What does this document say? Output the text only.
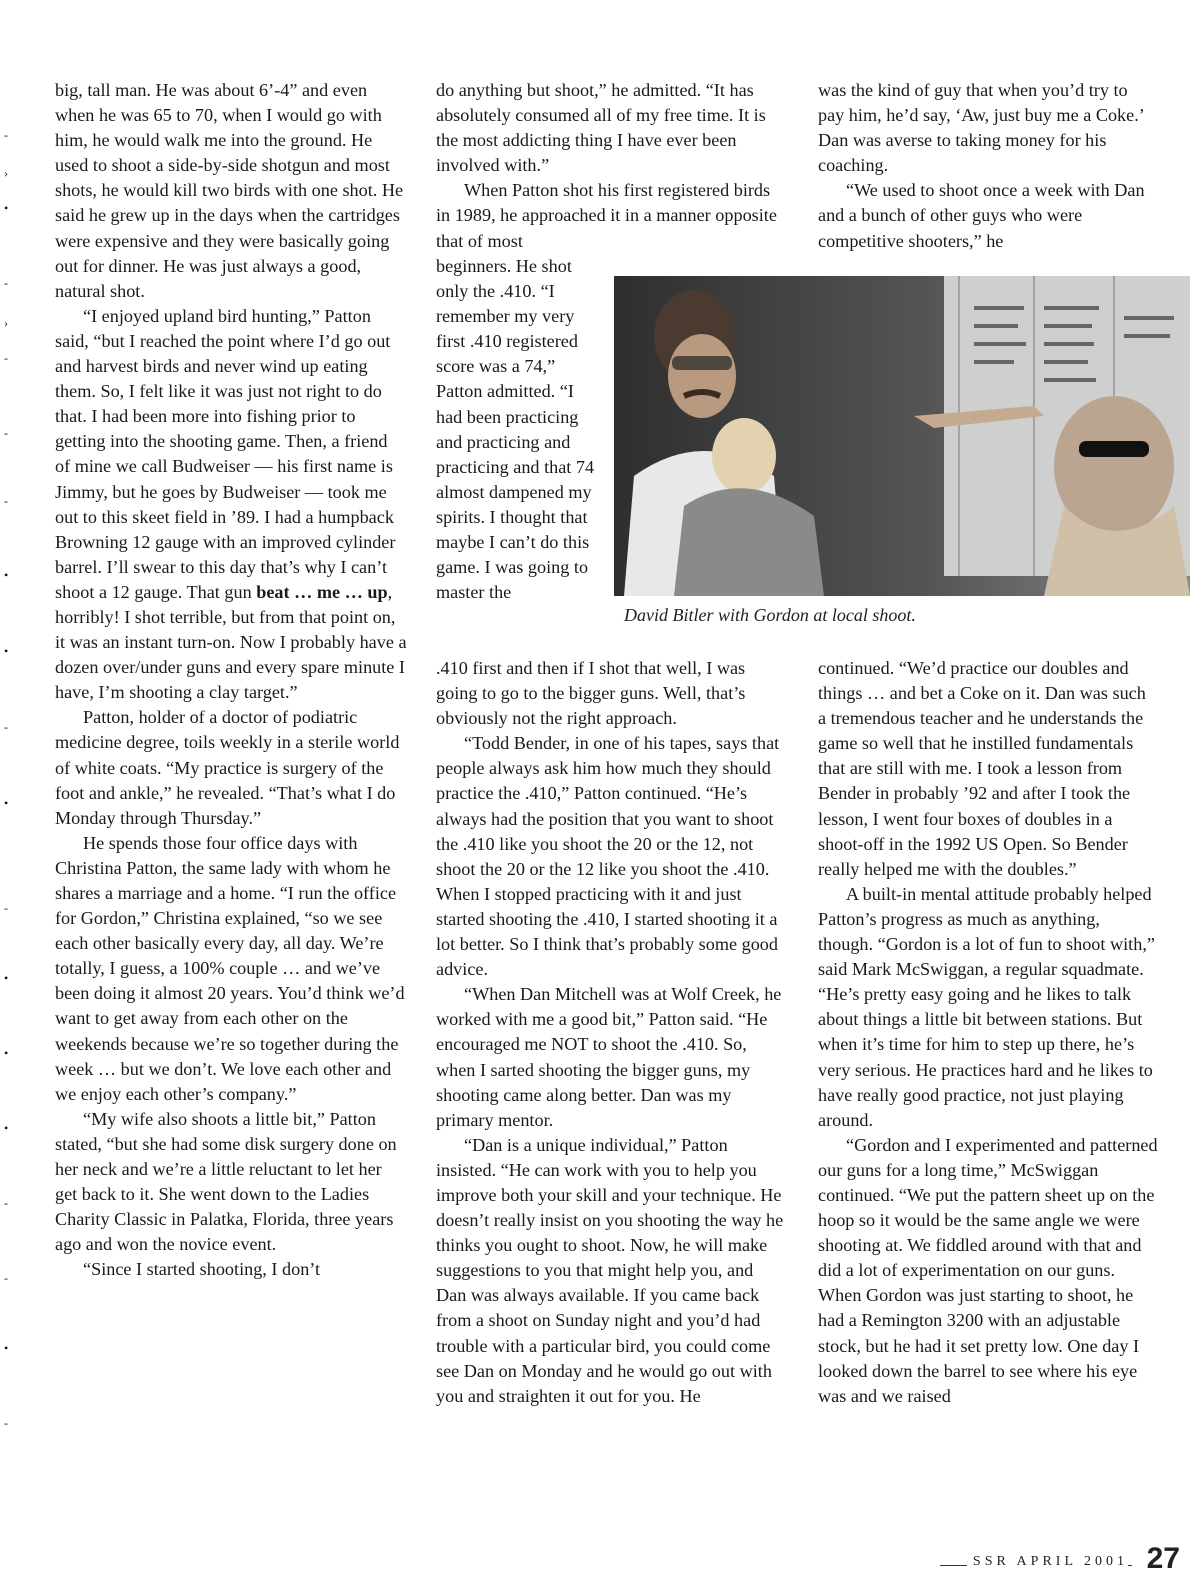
-
›
•
-
›
-
-
-
•
•
-
•
-
•
•
•
-
-
•
-

big, tall man. He was about 6’-4” and even when he was 65 to 70, when I would go with him, he would walk me into the ground. He used to shoot a side-by-side shotgun and most shots, he would kill two birds with one shot. He said he grew up in the days when the cartridges were expensive and they were basically going out for dinner. He was just always a good, natural shot.

“I enjoyed upland bird hunting,” Patton said, “but I reached the point where I’d go out and harvest birds and never wind up eating them. So, I felt like it was just not right to do that. I had been more into fishing prior to getting into the shooting game. Then, a friend of mine we call Budweiser — his first name is Jimmy, but he goes by Budweiser — took me out to this skeet field in ’89. I had a humpback Browning 12 gauge with an improved cylinder barrel. I’ll swear to this day that’s why I can’t shoot a 12 gauge. That gun beat … me … up, horribly! I shot terrible, but from that point on, it was an instant turn-on. Now I probably have a dozen over/under guns and every spare minute I have, I’m shooting a clay target.”

Patton, holder of a doctor of podiatric medicine degree, toils weekly in a sterile world of white coats. “My practice is surgery of the foot and ankle,” he revealed. “That’s what I do Monday through Thursday.”

He spends those four office days with Christina Patton, the same lady with whom he shares a marriage and a home. “I run the office for Gordon,” Christina explained, “so we see each other basically every day, all day. We’re totally, I guess, a 100% couple … and we’ve been doing it almost 20 years. You’d think we’d want to get away from each other on the weekends because we’re so together during the week … but we don’t. We love each other and we enjoy each other’s company.”

“My wife also shoots a little bit,” Patton stated, “but she had some disk surgery done on her neck and we’re a little reluctant to let her get back to it. She went down to the Ladies Charity Classic in Palatka, Florida, three years ago and won the novice event.

“Since I started shooting, I don’t

do anything but shoot,” he admitted. “It has absolutely consumed all of my free time. It is the most addicting thing I have ever been involved with.”

When Patton shot his first registered birds in 1989, he approached it in a manner opposite that of most

beginners. He shot only the .410. “I remember my very first .410 registered score was a 74,” Patton admitted. “I had been practicing and practicing and practicing and that 74 almost dampened my spirits. I thought that maybe I can’t do this game. I was going to master the

was the kind of guy that when you’d try to pay him, he’d say, ‘Aw, just buy me a Coke.’ Dan was averse to taking money for his coaching.

“We used to shoot once a week with Dan and a bunch of other guys who were competitive shooters,” he

David Bitler with Gordon at local shoot.

.410 first and then if I shot that well, I was going to go to the bigger guns. Well, that’s obviously not the right approach.

“Todd Bender, in one of his tapes, says that people always ask him how much they should practice the .410,” Patton continued. “He’s always had the position that you want to shoot the .410 like you shoot the 20 or the 12, not shoot the 20 or the 12 like you shoot the .410. When I stopped practicing with it and just started shooting the .410, I started shooting it a lot better. So I think that’s probably some good advice.

“When Dan Mitchell was at Wolf Creek, he worked with me a good bit,” Patton said. “He encouraged me NOT to shoot the .410. So, when I sarted shooting the bigger guns, my shooting came along better. Dan was my primary mentor.

“Dan is a unique individual,” Patton insisted. “He can work with you to help you improve both your skill and your technique. He doesn’t really insist on you shooting the way he thinks you ought to shoot. Now, he will make suggestions to you that might help you, and Dan was always available. If you came back from a shoot on Sunday night and you’d had trouble with a particular bird, you could come see Dan on Monday and he would go out with you and straighten it out for you. He

continued. “We’d practice our doubles and things … and bet a Coke on it. Dan was such a tremendous teacher and he understands the game so well that he instilled fundamentals that are still with me. I took a lesson from Bender in probably ’92 and after I took the lesson, I went four boxes of doubles in a shoot-off in the 1992 US Open. So Bender really helped me with the doubles.”

A built-in mental attitude probably helped Patton’s progress as much as anything, though. “Gordon is a lot of fun to shoot with,” said Mark McSwiggan, a regular squadmate. “He’s pretty easy going and he likes to talk about things a little bit between stations. But when it’s time for him to step up there, he’s very serious. He practices hard and he likes to have really good practice, not just playing around.

“Gordon and I experimented and patterned our guns for a long time,” McSwiggan continued. “We put the pattern sheet up on the hoop so it would be the same angle we were shooting at. We fiddled around with that and did a lot of experimentation on our guns. When Gordon was just starting to shoot, he had a Remington 3200 with an adjustable stock, but he had it set pretty low. One day I looked down the barrel to see where his eye was and we raised

SSR APRIL 2001 27
